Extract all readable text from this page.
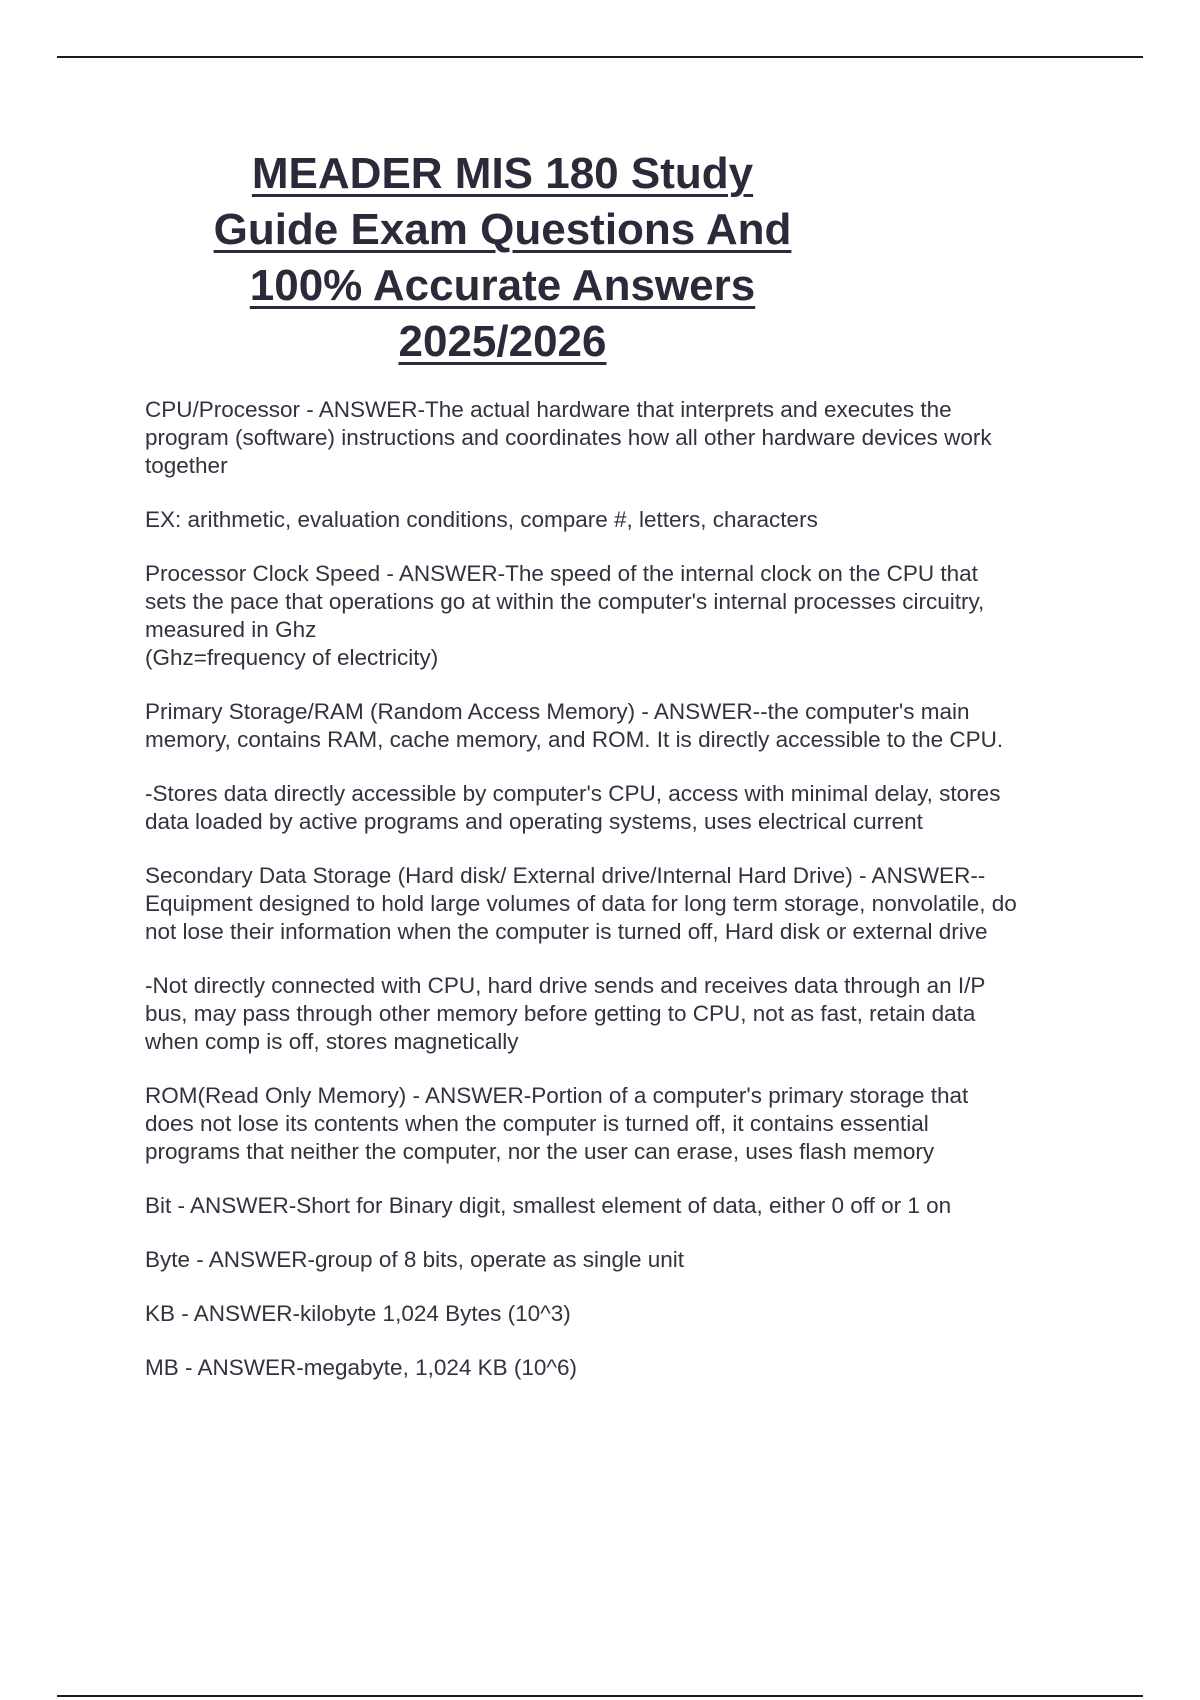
MEADER MIS 180 Study
Guide Exam Questions And
100% Accurate Answers
2025/2026
CPU/Processor - ANSWER-The actual hardware that interprets and executes the
program (software) instructions and coordinates how all other hardware devices work
together
EX: arithmetic, evaluation conditions, compare #, letters, characters
Processor Clock Speed - ANSWER-The speed of the internal clock on the CPU that
sets the pace that operations go at within the computer's internal processes circuitry,
measured in Ghz
(Ghz=frequency of electricity)
Primary Storage/RAM (Random Access Memory) - ANSWER--the computer's main
memory, contains RAM, cache memory, and ROM. It is directly accessible to the CPU.
-Stores data directly accessible by computer's CPU, access with minimal delay, stores
data loaded by active programs and operating systems, uses electrical current
Secondary Data Storage (Hard disk/ External drive/Internal Hard Drive) - ANSWER--
Equipment designed to hold large volumes of data for long term storage, nonvolatile, do
not lose their information when the computer is turned off, Hard disk or external drive
-Not directly connected with CPU, hard drive sends and receives data through an I/P
bus, may pass through other memory before getting to CPU, not as fast, retain data
when comp is off, stores magnetically
ROM(Read Only Memory) - ANSWER-Portion of a computer's primary storage that
does not lose its contents when the computer is turned off, it contains essential
programs that neither the computer, nor the user can erase, uses flash memory
Bit - ANSWER-Short for Binary digit, smallest element of data, either 0 off or 1 on
Byte - ANSWER-group of 8 bits, operate as single unit
KB - ANSWER-kilobyte 1,024 Bytes (10^3)
MB - ANSWER-megabyte, 1,024 KB (10^6)
